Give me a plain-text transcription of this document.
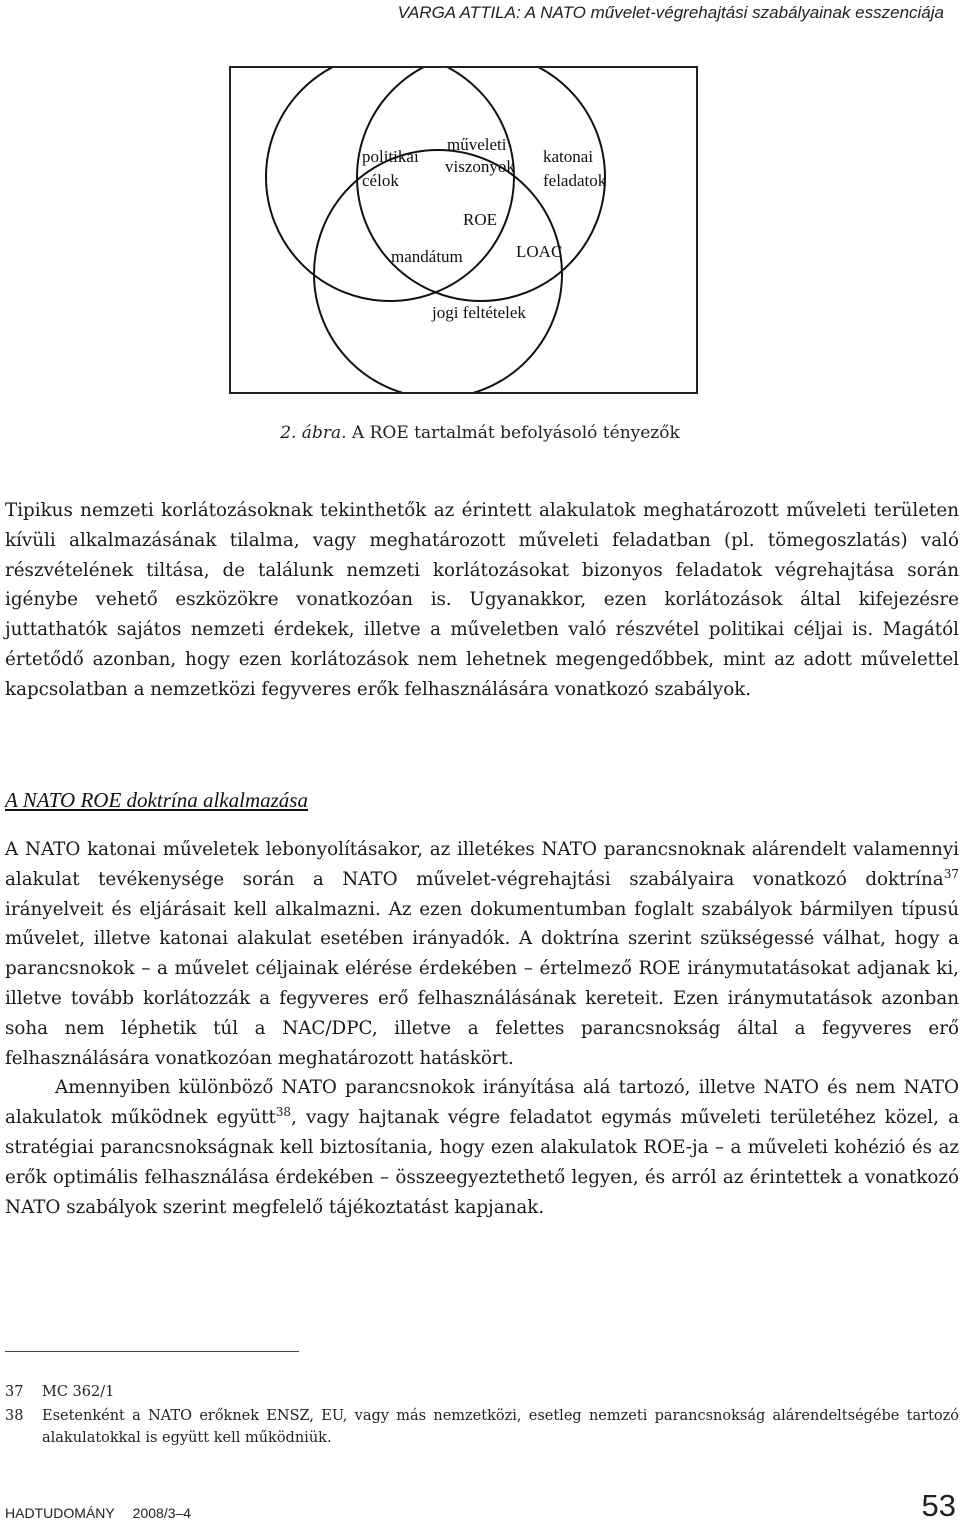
VARGA ATTILA: A NATO művelet-végrehajtási szabályainak esszenciája
politikai
célok
műveleti
viszonyok
katonai
feladatok
ROE
mandátum	LOAC
jogi feltételek
2. ábra. A ROE tartalmát befolyásoló tényezők
Tipikus nemzeti korlátozásoknak tekinthetők az érintett alakulatok meghatározott műveleti területen kívüli alkalmazásának tilalma, vagy meghatározott műveleti feladatban (pl. tömegoszlatás) való részvételének tiltása, de találunk nemzeti korlátozásokat bizonyos feladatok végrehajtása során igénybe vehető eszközökre vonatkozóan is. Ugyanakkor, ezen korlátozások által kifejezésre juttathatók sajátos nemzeti érdekek, illetve a műveletben való részvétel politikai céljai is. Magától értetődő azonban, hogy ezen korlátozások nem lehetnek megengedőbbek, mint az adott művelettel kapcsolatban a nemzetközi fegyveres erők felhasználására vonatkozó szabályok.
A NATO ROE doktrína alkalmazása

A NATO katonai műveletek lebonyolításakor, az illetékes NATO parancsnoknak alárendelt valamennyi alakulat tevékenysége során a NATO művelet-végrehajtási szabályaira vonatkozó doktrína$^{37}$ irányelveit és eljárásait kell alkalmazni. Az ezen dokumentumban foglalt szabályok bármilyen típusú művelet, illetve katonai alakulat esetében irányadók. A doktrína szerint szükségessé válhat, hogy a parancsnokok – a művelet céljainak elérése érdekében – értelmező ROE iránymutatásokat adjanak ki, illetve tovább korlátozzák a fegyveres erő felhasználásának kereteit. Ezen iránymutatások azonban soha nem léphetik túl a NAC/DPC, illetve a felettes parancsnokság által a fegyveres erő felhasználására vonatkozóan meghatározott hatáskört.

Amennyiben különböző NATO parancsnokok irányítása alá tartozó, illetve NATO és nem NATO alakulatok működnek együtt$^{38}$, vagy hajtanak végre feladatot egymás műveleti területéhez közel, a stratégiai parancsnokságnak kell biztosítania, hogy ezen alakulatok ROE-ja – a műveleti kohézió és az erők optimális felhasználása érdekében – összeegyeztethető legyen, és arról az érintettek a vonatkozó NATO szabályok szerint megfelelő tájékoztatást kapjanak.

37	MC 362/1
38	Esetenként a NATO erőknek ENSZ, EU, vagy más nemzetközi, esetleg nemzeti parancsnokság alárendeltségébe tartozó alakulatokkal is együtt kell működniük.
HADTUDOMÁNY 2008/3–4	53
